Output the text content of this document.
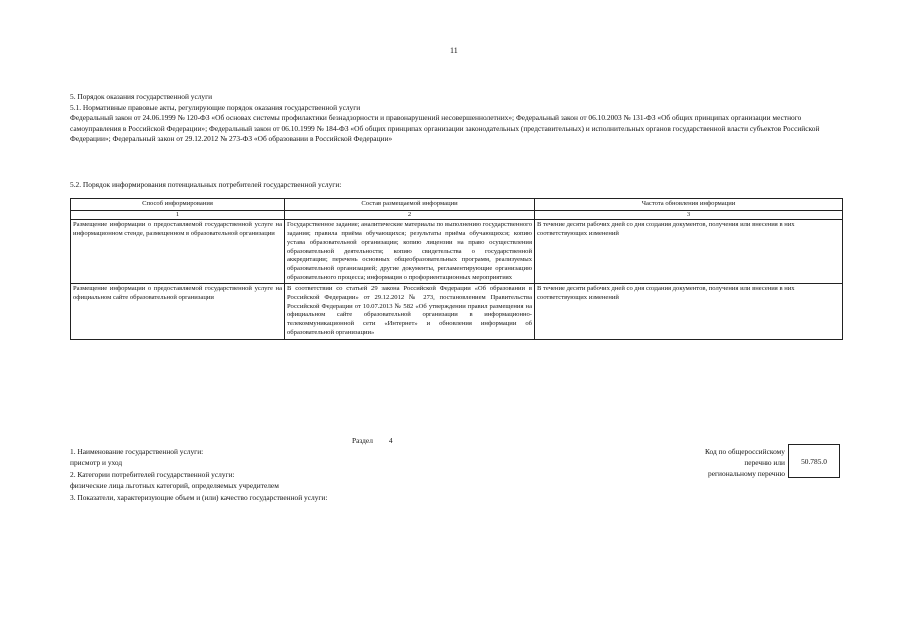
11
5. Порядок оказания государственной услуги
5.1. Нормативные правовые акты, регулирующие порядок оказания государственной услуги
Федеральный закон от 24.06.1999 № 120-ФЗ «Об основах системы профилактики безнадзорности и правонарушений несовершеннолетних»; Федеральный закон от 06.10.2003 № 131-ФЗ «Об общих принципах организации местного самоуправления в Российской Федерации»; Федеральный закон от 06.10.1999 № 184-ФЗ «Об общих принципах организации законодательных (представительных) и исполнительных органов государственной власти субъектов Российской Федерации»; Федеральный закон от 29.12.2012 № 273-ФЗ «Об образовании в Российской Федерации»
5.2. Порядок информирования потенциальных потребителей государственной услуги:
Способ информирования	Состав размещаемой информации	Частота обновления информации
1	2	3
Размещение информации о предоставляемой государственной услуге на информационном стенде, размещенном в образовательной организации	Государственное задание; аналитические материалы по выполнению государственного задания; правила приёма обучающихся; результаты приёма обучающихся; копию устава образовательной организации; копию лицензии на право осуществления образовательной деятельности; копию свидетельства о государственной аккредитации; перечень основных общеобразовательных программ, реализуемых образовательной организацией; другие документы, регламентирующие организацию образовательного процесса; информация о профориентационных мероприятиях	В течение десяти рабочих дней со дня создания документов, получения или внесения в них соответствующих изменений
Размещение информации о предоставляемой государственной услуге на официальном сайте образовательной организации	В соответствии со статьей 29 закона Российской Федерации «Об образовании в Российской Федерации» от 29.12.2012 № 273, постановлением Правительства Российской Федерации от 10.07.2013 № 582 «Об утверждении правил размещения на официальном сайте образовательной организации в информационно-телекоммуникационной сети «Интернет» и обновления информации об образовательной организации»	В течение десяти рабочих дней со дня создания документов, получения или внесения в них соответствующих изменений
Раздел 4
1. Наименование государственной услуги:
присмотр и уход
2. Категории потребителей государственной услуги:
физические лица льготных категорий, определяемых учредителем
3. Показатели, характеризующие объем и (или) качество государственной услуги:
Код по общероссийскому
перечню или
региональному перечню
50.785.0
